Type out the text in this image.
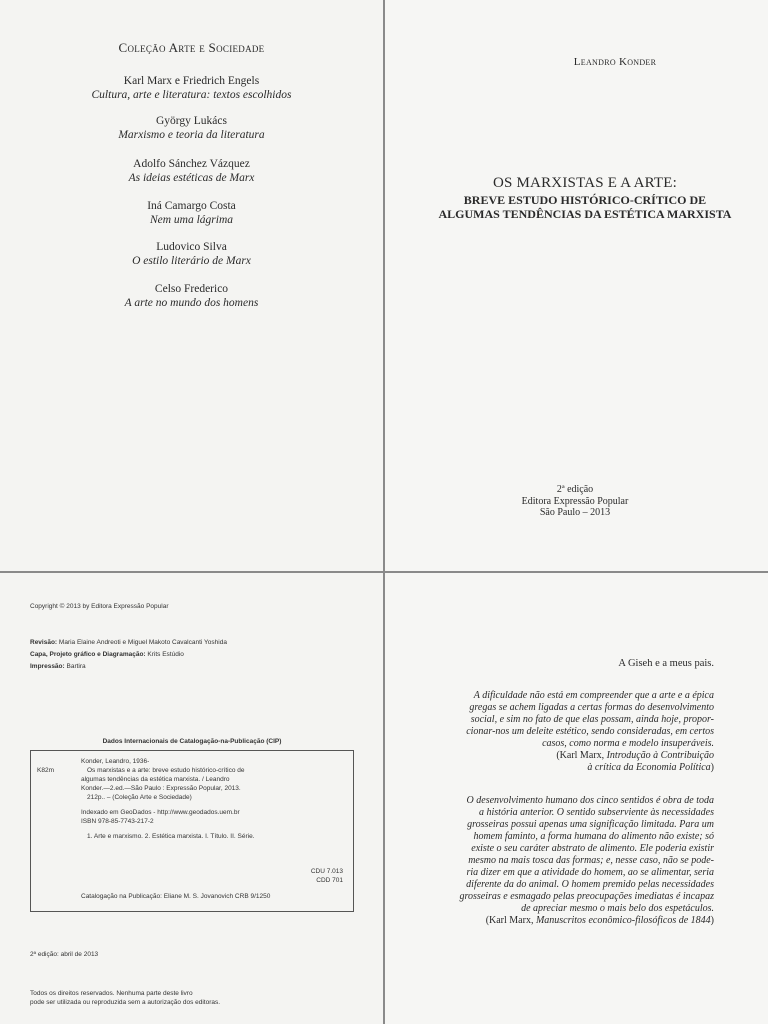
Coleção Arte e Sociedade
Karl Marx e Friedrich Engels
Cultura, arte e literatura: textos escolhidos
György Lukács
Marxismo e teoria da literatura
Adolfo Sánchez Vázquez
As ideias estéticas de Marx
Iná Camargo Costa
Nem uma lágrima
Ludovico Silva
O estilo literário de Marx
Celso Frederico
A arte no mundo dos homens
Leandro Konder
OS MARXISTAS E A ARTE:
BREVE ESTUDO HISTÓRICO-CRÍTICO DE
ALGUMAS TENDÊNCIAS DA ESTÉTICA MARXISTA
2ª edição
Editora Expressão Popular
São Paulo – 2013
Copyright © 2013 by Editora Expressão Popular
Revisão: Maria Elaine Andreoti e Miguel Makoto Cavalcanti Yoshida
Capa, Projeto gráfico e Diagramação: Krits Estúdio
Impressão: Bartira
Dados Internacionais de Catalogação-na-Publicação (CIP)
K82m
Konder, Leandro, 1936-
Os marxistas e a arte: breve estudo histórico-crítico de
algumas tendências da estética marxista. / Leandro
Konder.—2.ed.—São Paulo : Expressão Popular, 2013.
212p.. – (Coleção Arte e Sociedade)
Indexado em GeoDados - http://www.geodados.uem.br
ISBN 978-85-7743-217-2
1. Arte e marxismo. 2. Estética marxista. I. Título. II. Série.
CDU 7.013
CDD 701
Catalogação na Publicação: Eliane M. S. Jovanovich CRB 9/1250
2ª edição: abril de 2013
Todos os direitos reservados. Nenhuma parte deste livro
pode ser utilizada ou reproduzida sem a autorização dos editoras.
A Giseh e a meus pais.
A dificuldade não está em compreender que a arte e a épica
gregas se achem ligadas a certas formas do desenvolvimento
social, e sim no fato de que elas possam, ainda hoje, propor-
cionar-nos um deleite estético, sendo consideradas, em certos
casos, como norma e modelo insuperáveis.
(Karl Marx, Introdução à Contribuição
à crítica da Economia Política)
O desenvolvimento humano dos cinco sentidos é obra de toda
a história anterior. O sentido subserviente às necessidades
grosseiras possui apenas uma significação limitada. Para um
homem faminto, a forma humana do alimento não existe; só
existe o seu caráter abstrato de alimento. Ele poderia existir
mesmo na mais tosca das formas; e, nesse caso, não se pode-
ria dizer em que a atividade do homem, ao se alimentar, seria
diferente da do animal. O homem premido pelas necessidades
grosseiras e esmagado pelas preocupações imediatas é incapaz
de apreciar mesmo o mais belo dos espetáculos.
(Karl Marx, Manuscritos econômico-filosóficos de 1844)
